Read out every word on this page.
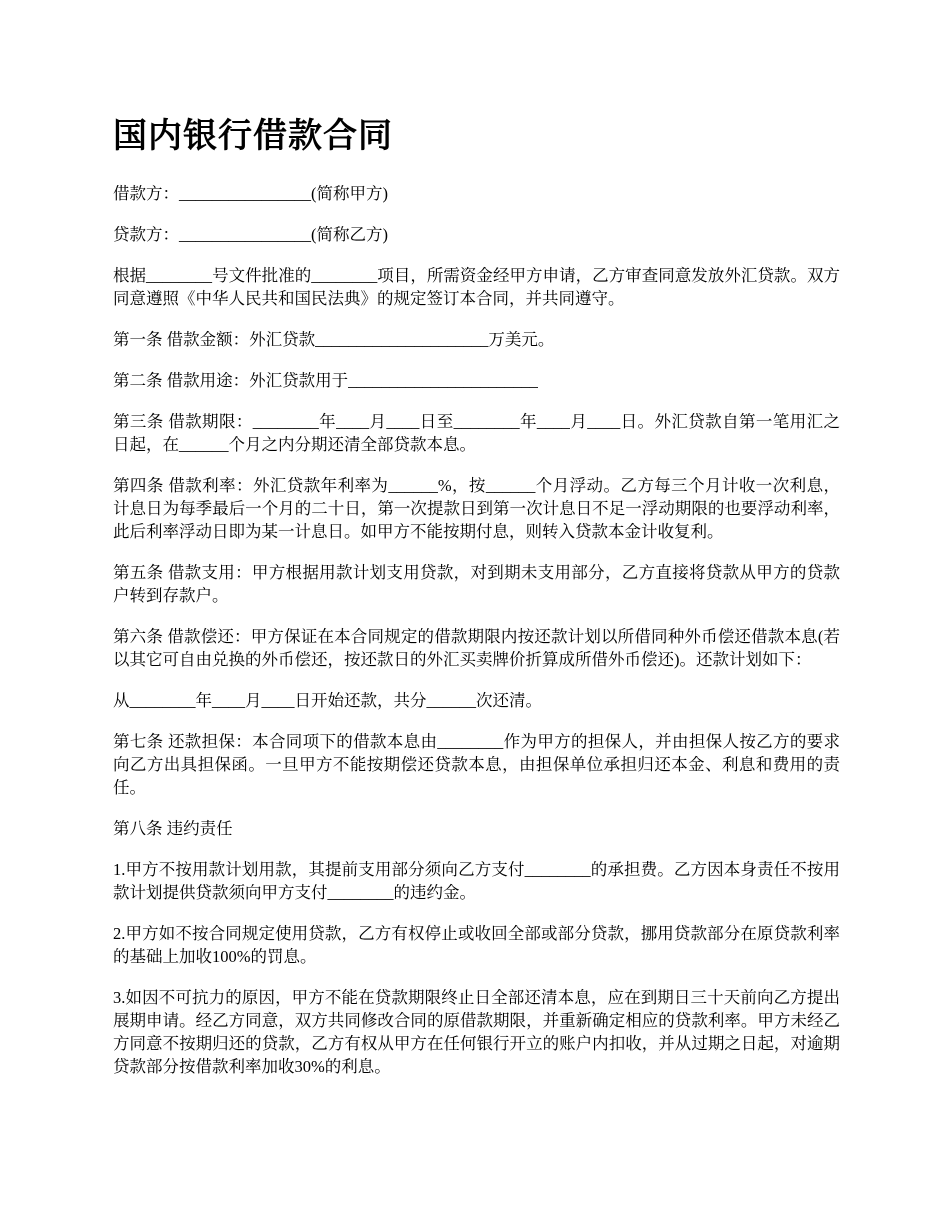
国内银行借款合同

借款方：________________(简称甲方)

贷款方：________________(简称乙方)

根据________号文件批准的________项目，所需资金经甲方申请，乙方审查同意发放外汇贷款。双方同意遵照《中华人民共和国民法典》的规定签订本合同，并共同遵守。

第一条 借款金额：外汇贷款_____________________万美元。

第二条 借款用途：外汇贷款用于_______________________

第三条 借款期限：________年____月____日至________年____月____日。外汇贷款自第一笔用汇之日起，在______个月之内分期还清全部贷款本息。

第四条 借款利率：外汇贷款年利率为______%，按______个月浮动。乙方每三个月计收一次利息，计息日为每季最后一个月的二十日，第一次提款日到第一次计息日不足一浮动期限的也要浮动利率，此后利率浮动日即为某一计息日。如甲方不能按期付息，则转入贷款本金计收复利。

第五条 借款支用：甲方根据用款计划支用贷款，对到期未支用部分，乙方直接将贷款从甲方的贷款户转到存款户。

第六条 借款偿还：甲方保证在本合同规定的借款期限内按还款计划以所借同种外币偿还借款本息(若以其它可自由兑换的外币偿还，按还款日的外汇买卖牌价折算成所借外币偿还)。还款计划如下：

从________年____月____日开始还款，共分______次还清。

第七条 还款担保：本合同项下的借款本息由________作为甲方的担保人，并由担保人按乙方的要求向乙方出具担保函。一旦甲方不能按期偿还贷款本息，由担保单位承担归还本金、利息和费用的责任。

第八条 违约责任

1.甲方不按用款计划用款，其提前支用部分须向乙方支付________的承担费。乙方因本身责任不按用款计划提供贷款须向甲方支付________的违约金。

2.甲方如不按合同规定使用贷款，乙方有权停止或收回全部或部分贷款，挪用贷款部分在原贷款利率的基础上加收100%的罚息。

3.如因不可抗力的原因，甲方不能在贷款期限终止日全部还清本息，应在到期日三十天前向乙方提出展期申请。经乙方同意，双方共同修改合同的原借款期限，并重新确定相应的贷款利率。甲方未经乙方同意不按期归还的贷款，乙方有权从甲方在任何银行开立的账户内扣收，并从过期之日起，对逾期贷款部分按借款利率加收30%的利息。
